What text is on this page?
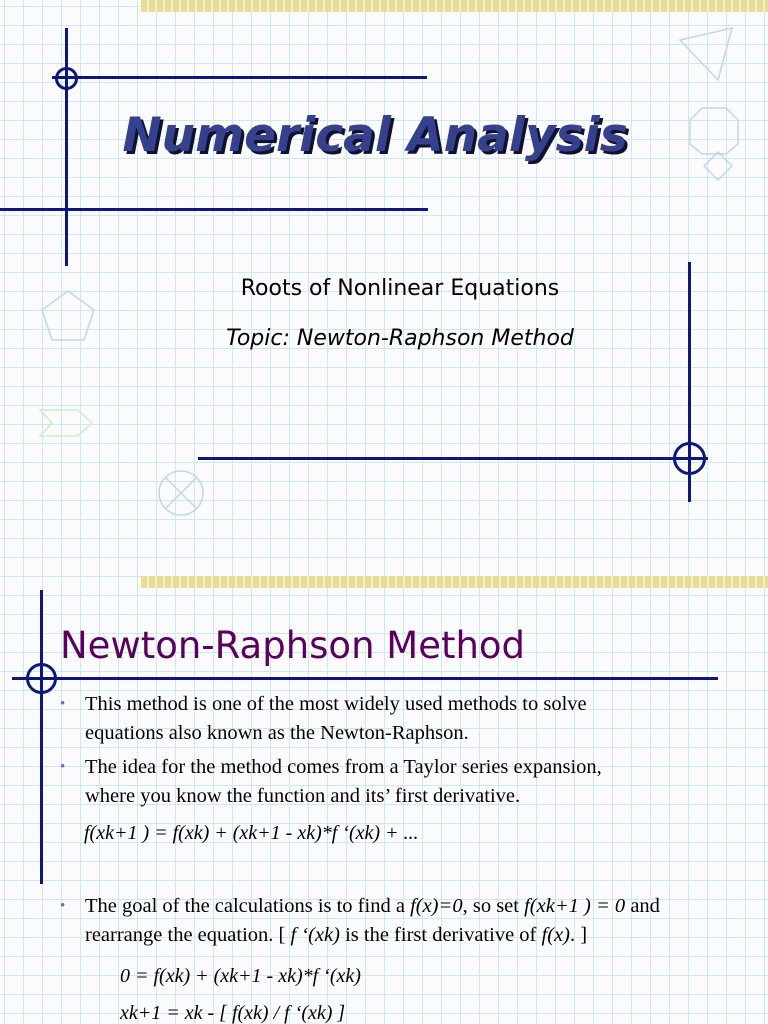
Numerical Analysis
Roots of Nonlinear Equations
Topic: Newton-Raphson Method
Newton-Raphson Method
• This method is one of the most widely used methods to solve
equations also known as the Newton-Raphson.
• The idea for the method comes from a Taylor series expansion,
where you know the function and its’ first derivative.
f(xk+1 ) = f(xk) + (xk+1 - xk)*f ‘(xk) + ...
• The goal of the calculations is to find a f(x)=0, so set f(xk+1 ) = 0 and
rearrange the equation. [ f ‘(xk) is the first derivative of f(x). ]
0 = f(xk) + (xk+1 - xk)*f ‘(xk)
xk+1 = xk - [ f(xk) / f ‘(xk) ]
